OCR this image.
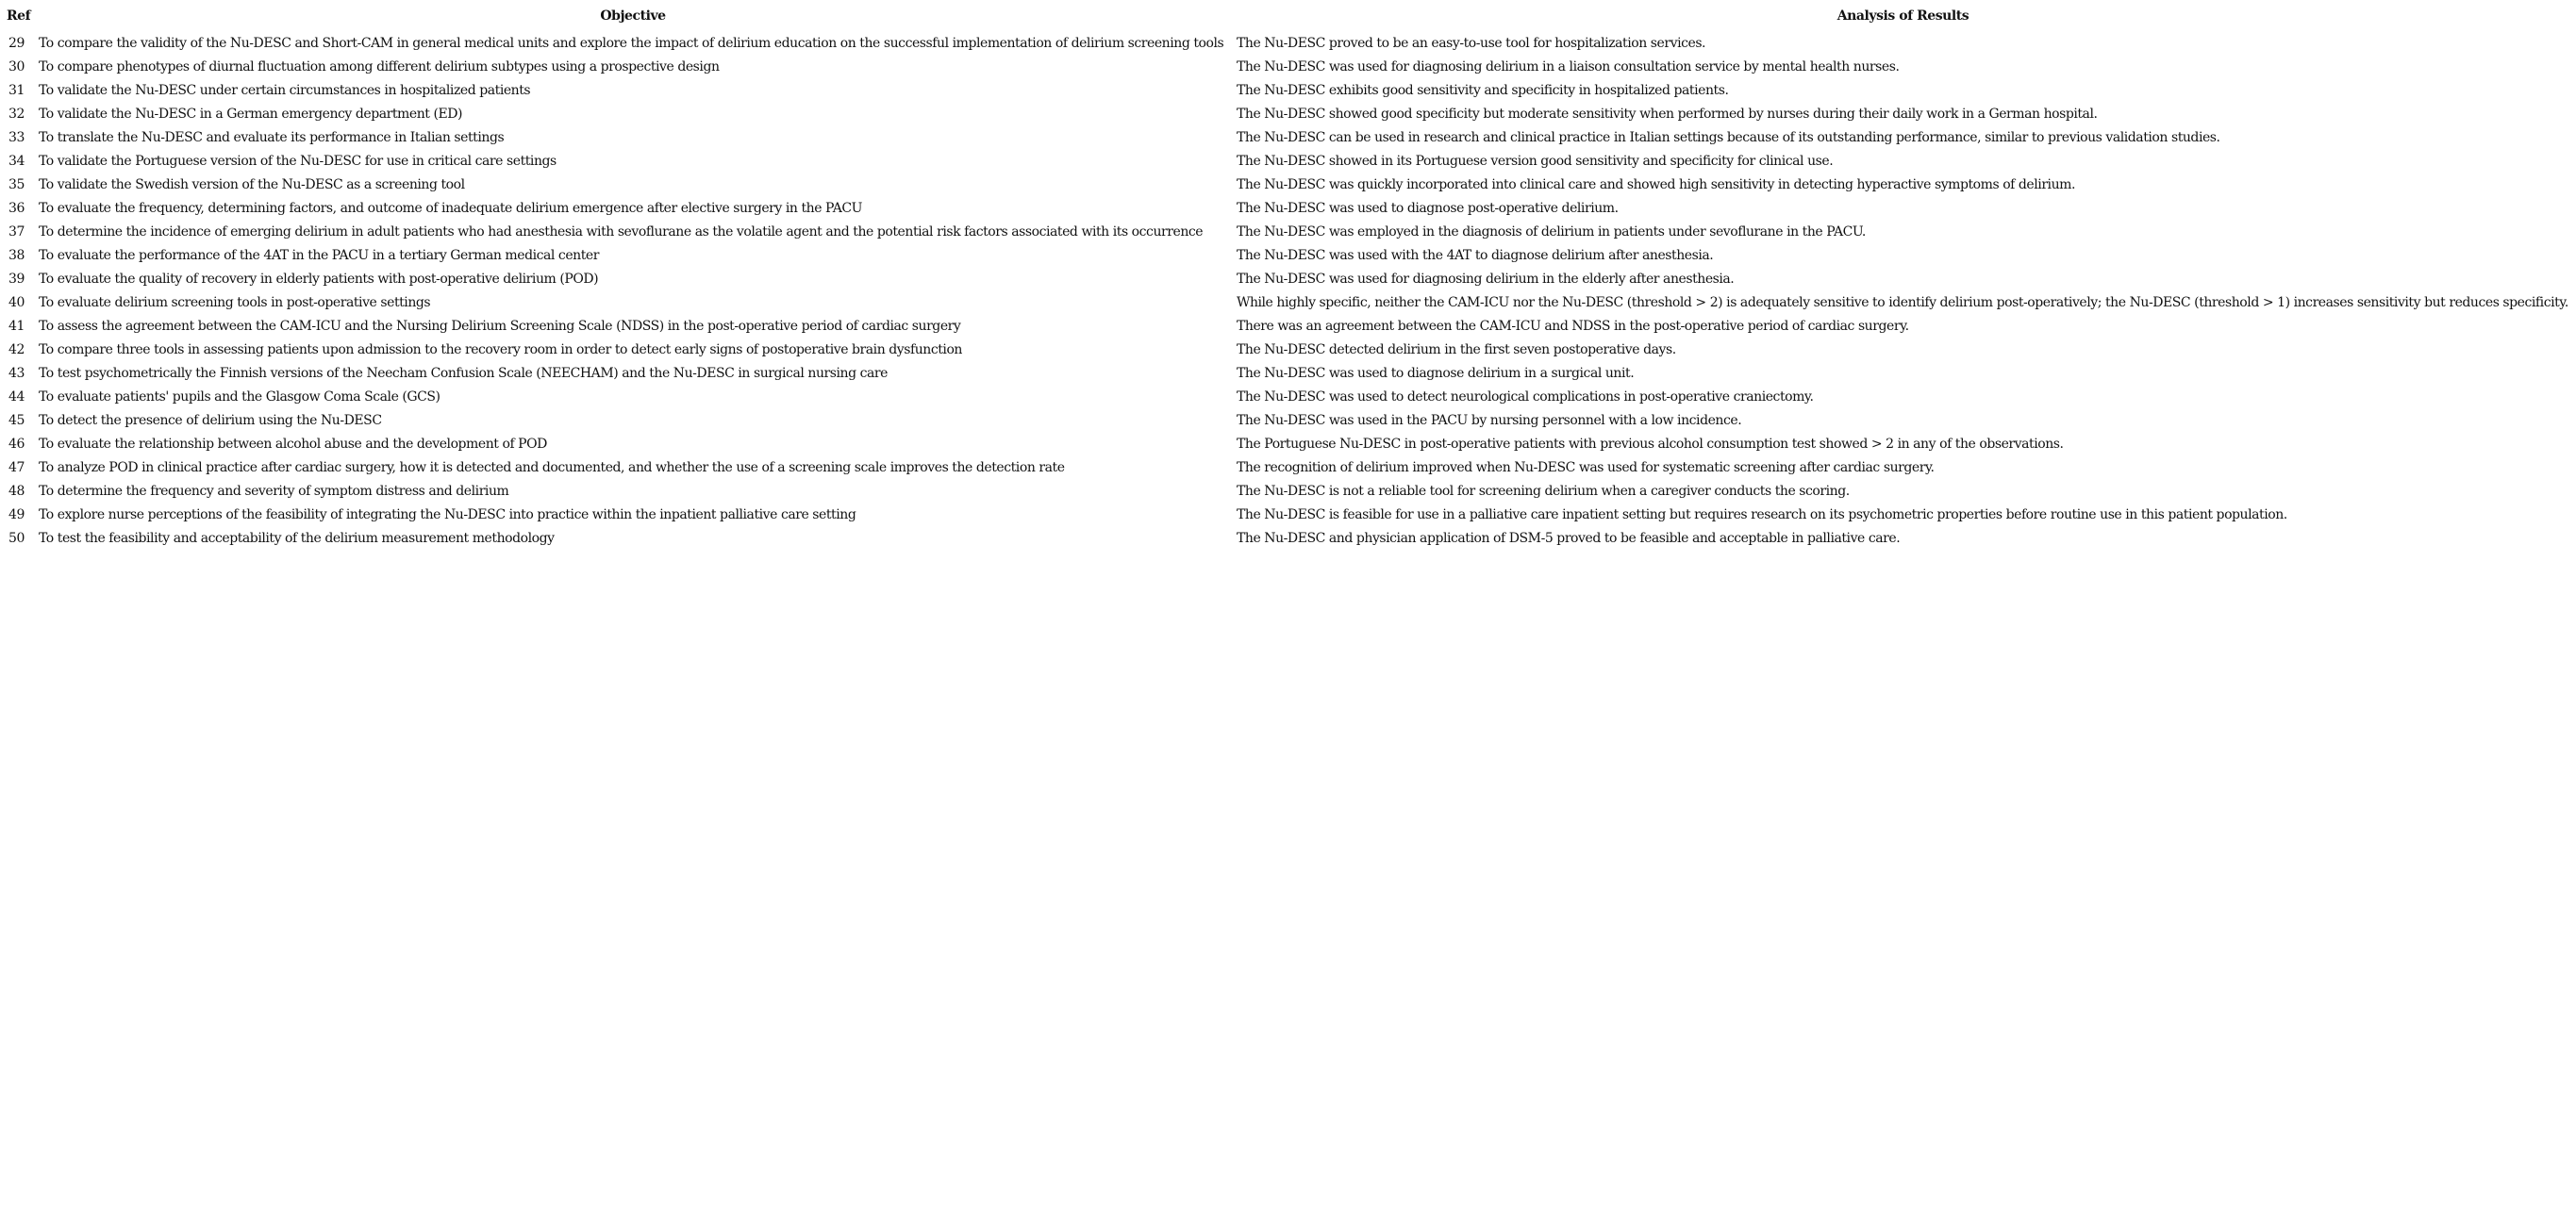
Ref	Objective	Analysis of Results
29	To compare the validity of the Nu-DESC and Short-CAM in general medical units and explore the impact of delirium education on the successful implementation of delirium screening tools	The Nu-DESC proved to be an easy-to-use tool for hospitalization services.
30	To compare phenotypes of diurnal fluctuation among different delirium subtypes using a prospective design	The Nu-DESC was used for diagnosing delirium in a liaison consultation service by mental health nurses.
31	To validate the Nu-DESC under certain circumstances in hospitalized patients	The Nu-DESC exhibits good sensitivity and specificity in hospitalized patients.
32	To validate the Nu-DESC in a German emergency department (ED)	The Nu-DESC showed good specificity but moderate sensitivity when performed by nurses during their daily work in a German hospital.
33	To translate the Nu-DESC and evaluate its performance in Italian settings	The Nu-DESC can be used in research and clinical practice in Italian settings because of its outstanding performance, similar to previous validation studies.
34	To validate the Portuguese version of the Nu-DESC for use in critical care settings	The Nu-DESC showed in its Portuguese version good sensitivity and specificity for clinical use.
35	To validate the Swedish version of the Nu-DESC as a screening tool	The Nu-DESC was quickly incorporated into clinical care and showed high sensitivity in detecting hyperactive symptoms of delirium.
36	To evaluate the frequency, determining factors, and outcome of inadequate delirium emergence after elective surgery in the PACU	The Nu-DESC was used to diagnose post-operative delirium.
37	To determine the incidence of emerging delirium in adult patients who had anesthesia with sevoflurane as the volatile agent and the potential risk factors associated with its occurrence	The Nu-DESC was employed in the diagnosis of delirium in patients under sevoflurane in the PACU.
38	To evaluate the performance of the 4AT in the PACU in a tertiary German medical center	The Nu-DESC was used with the 4AT to diagnose delirium after anesthesia.
39	To evaluate the quality of recovery in elderly patients with post-operative delirium (POD)	The Nu-DESC was used for diagnosing delirium in the elderly after anesthesia.
40	To evaluate delirium screening tools in post-operative settings	While highly specific, neither the CAM-ICU nor the Nu-DESC (threshold > 2) is adequately sensitive to identify delirium post-operatively; the Nu-DESC (threshold > 1) increases sensitivity but reduces specificity.
41	To assess the agreement between the CAM-ICU and the Nursing Delirium Screening Scale (NDSS) in the post-operative period of cardiac surgery	There was an agreement between the CAM-ICU and NDSS in the post-operative period of cardiac surgery.
42	To compare three tools in assessing patients upon admission to the recovery room in order to detect early signs of postoperative brain dysfunction	The Nu-DESC detected delirium in the first seven postoperative days.
43	To test psychometrically the Finnish versions of the Neecham Confusion Scale (NEECHAM) and the Nu-DESC in surgical nursing care	The Nu-DESC was used to diagnose delirium in a surgical unit.
44	To evaluate patients' pupils and the Glasgow Coma Scale (GCS)	The Nu-DESC was used to detect neurological complications in post-operative craniectomy.
45	To detect the presence of delirium using the Nu-DESC	The Nu-DESC was used in the PACU by nursing personnel with a low incidence.
46	To evaluate the relationship between alcohol abuse and the development of POD	The Portuguese Nu-DESC in post-operative patients with previous alcohol consumption test showed > 2 in any of the observations.
47	To analyze POD in clinical practice after cardiac surgery, how it is detected and documented, and whether the use of a screening scale improves the detection rate	The recognition of delirium improved when Nu-DESC was used for systematic screening after cardiac surgery.
48	To determine the frequency and severity of symptom distress and delirium	The Nu-DESC is not a reliable tool for screening delirium when a caregiver conducts the scoring.
49	To explore nurse perceptions of the feasibility of integrating the Nu-DESC into practice within the inpatient palliative care setting	The Nu-DESC is feasible for use in a palliative care inpatient setting but requires research on its psychometric properties before routine use in this patient population.
50	To test the feasibility and acceptability of the delirium measurement methodology	The Nu-DESC and physician application of DSM-5 proved to be feasible and acceptable in palliative care.
